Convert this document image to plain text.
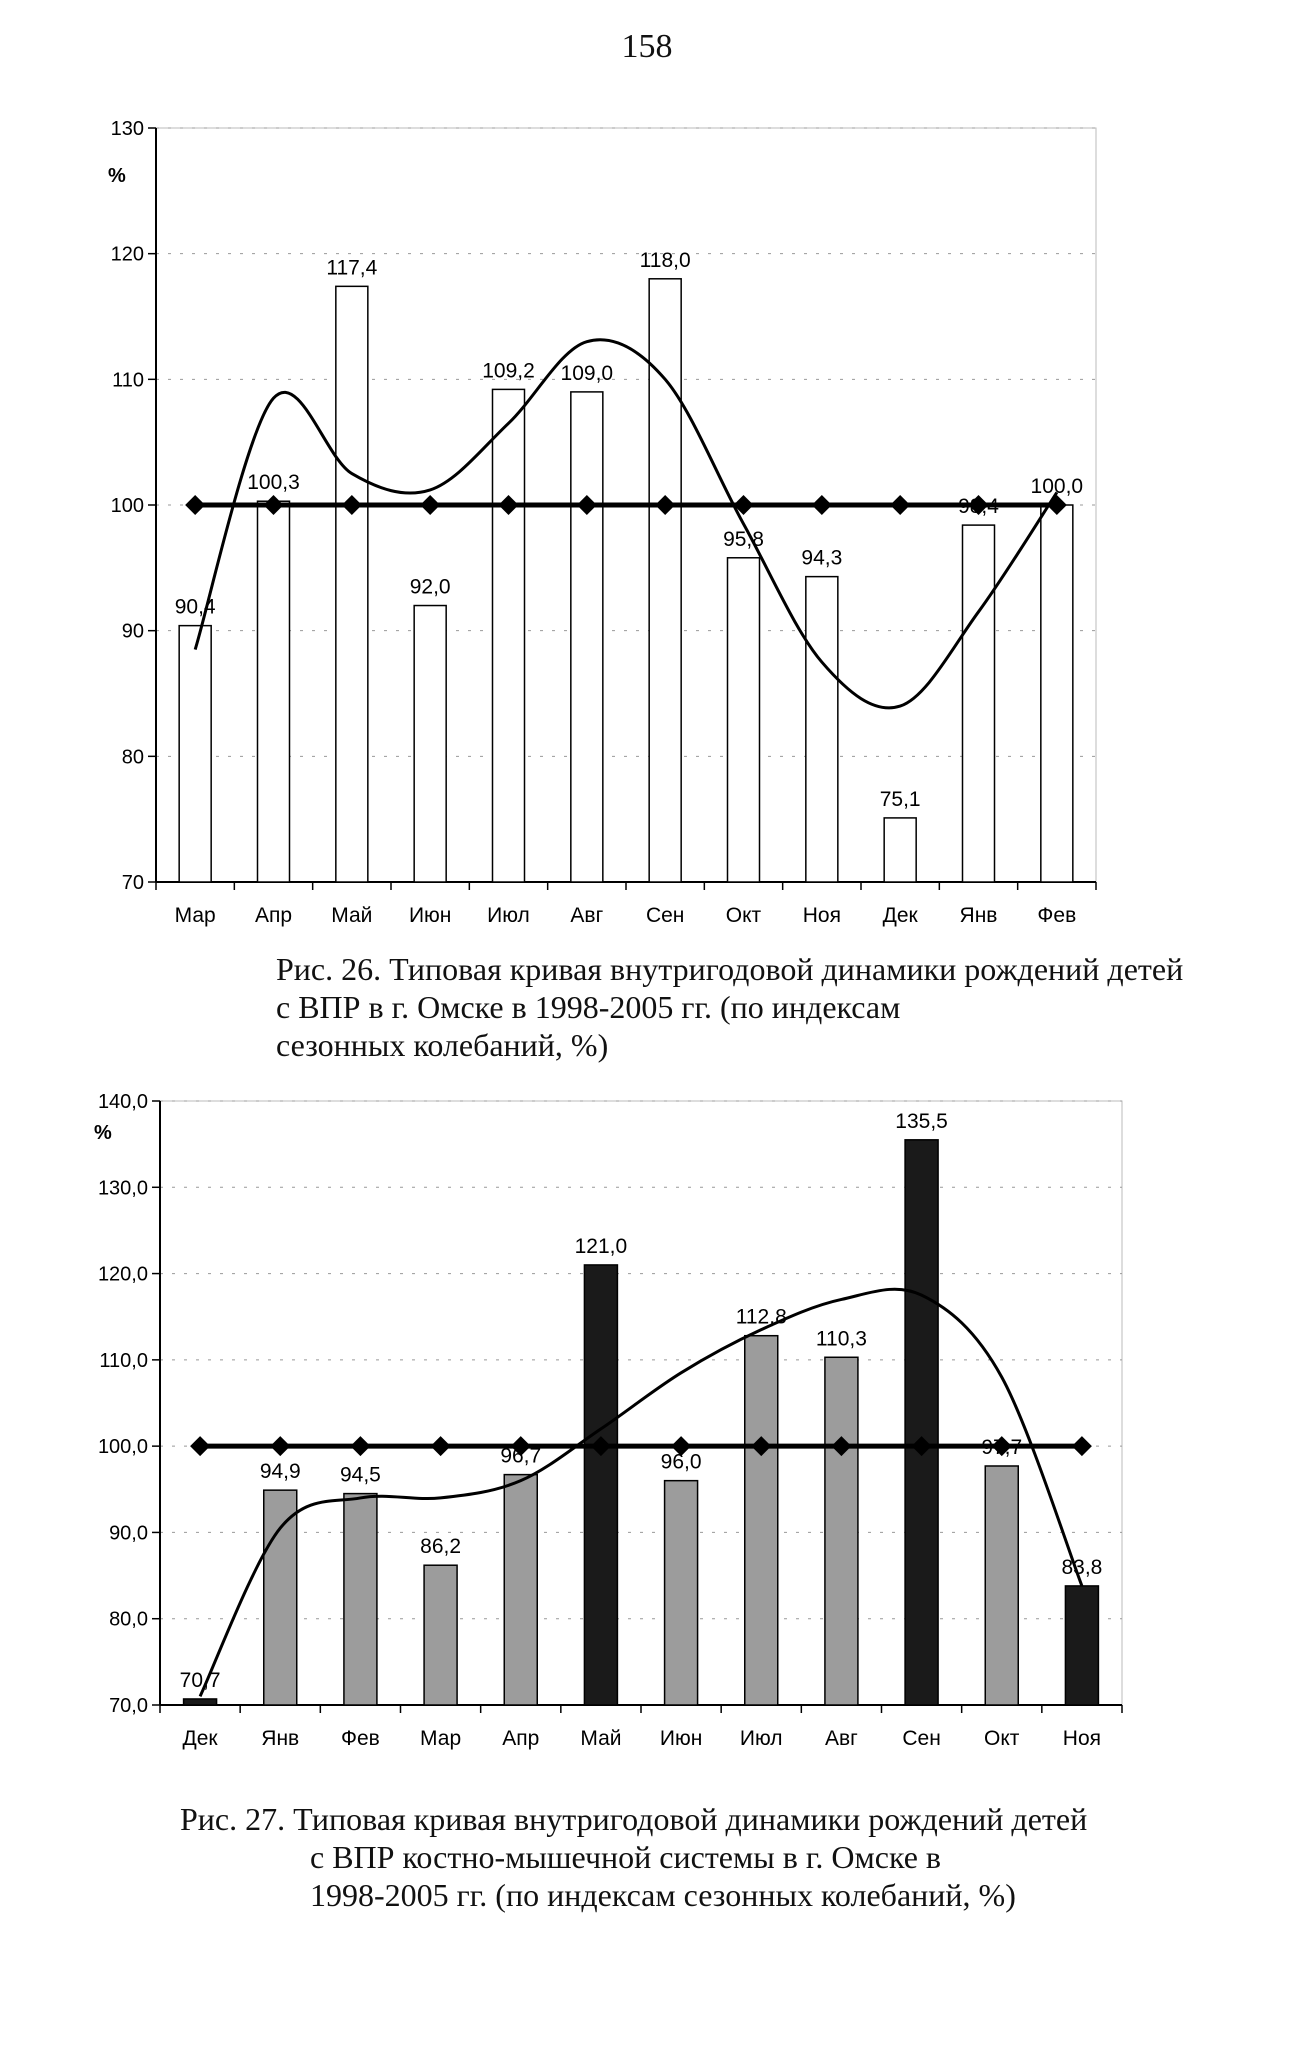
158
70
80
90
100
110
120
130
%
90,4
100,3
117,4
92,0
109,2 109,0
118,0
95,8
94,3
75,1
98,4
100,0
Мар Апр Май Июн Июл Авг Сен Окт Ноя Дек Янв Фев
Рис. 26. Типовая кривая внутригодовой динамики рождений детей
с ВПР в г. Омске в 1998-2005 гг. (по индексам
сезонных колебаний, %)
70,0
80,0
90,0
100,0
110,0
120,0
130,0
140,0
%
70,7
94,9 94,5
86,2
96,7
121,0
96,0
112,8
110,3
135,5
97,7
83,8
Дек Янв Фев Мар Апр Май Июн Июл Авг Сен Окт Ноя
Рис. 27. Типовая кривая внутригодовой динамики рождений детей
с ВПР костно-мышечной системы в г. Омске в
1998-2005 гг. (по индексам сезонных колебаний, %)
